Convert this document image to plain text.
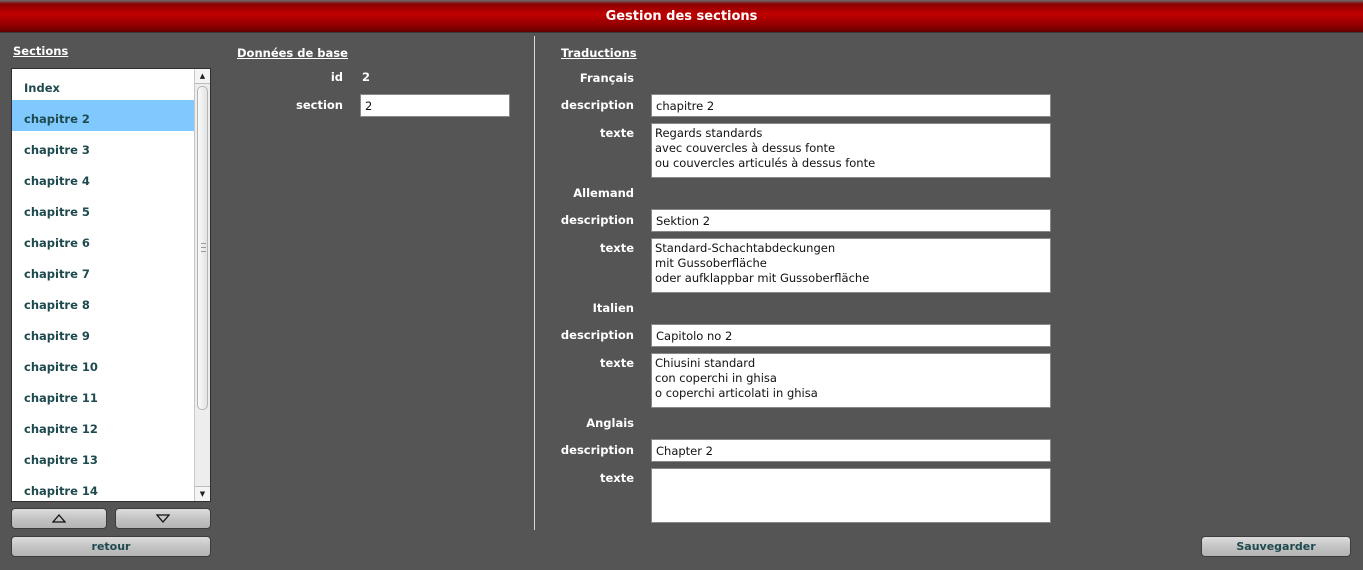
Gestion des sections
Sections
Index
chapitre 2
chapitre 3
chapitre 4
chapitre 5
chapitre 6
chapitre 7
chapitre 8
chapitre 9
chapitre 10
chapitre 11
chapitre 12
chapitre 13
chapitre 14
▲
▼
retour
Données de base
id 2
section
2
Traductions
Français
description
chapitre 2
texte
Regards standards avec couvercles à dessus fonte ou couvercles articulés à dessus fonte
Allemand
description
Sektion 2
texte
Standard-Schachtabdeckungen mit Gussoberfläche oder aufklappbar mit Gussoberfläche
Italien
description
Capitolo no 2
texte
Chiusini standard con coperchi in ghisa o coperchi articolati in ghisa
Anglais
description
Chapter 2
texte
Sauvegarder
